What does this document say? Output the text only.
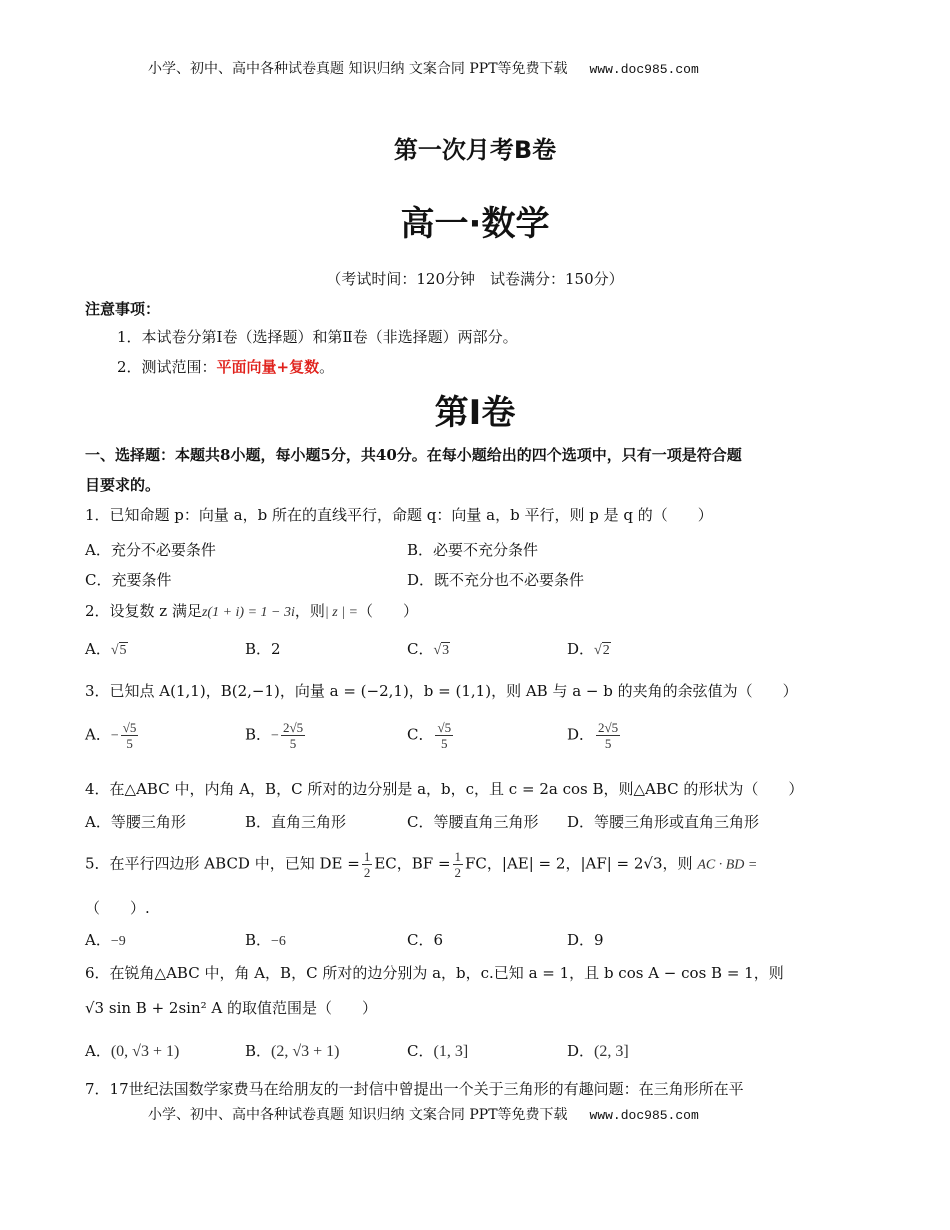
小学、初中、高中各种试卷真题 知识归纳 文案合同 PPT等免费下载 www.doc985.com
第一次月考B卷
高一·数学
（考试时间：120分钟　试卷满分：150分）
注意事项：
1．本试卷分第Ⅰ卷（选择题）和第Ⅱ卷（非选择题）两部分。
2．测试范围：平面向量+复数。
第Ⅰ卷
一、选择题：本题共8小题，每小题5分，共40分。在每小题给出的四个选项中，只有一项是符合题
目要求的。
1．已知命题 p：向量 a，b 所在的直线平行，命题 q：向量 a，b 平行，则 p 是 q 的（　　）
A．充分不必要条件	B．必要不充分条件
C．充要条件	D．既不充分也不必要条件
2．设复数 z 满足z(1 + i) = 1 − 3i，则| z | =（　　）
A．√5	B．2	C．√3	D．√2
3．已知点 A(1,1)，B(2,−1)，向量 a = (−2,1)，b = (1,1)，则 AB 与 a − b 的夹角的余弦值为（　　）
A．− $\frac{√5}{5}$	B．− $\frac{2√5}{5}$	C． $\frac{√5}{5}$	D． $\frac{2√5}{5}$
4．在△ABC 中，内角 A，B，C 所对的边分别是 a，b，c，且 c = 2a cos B，则△ABC 的形状为（　　）
A．等腰三角形	B．直角三角形	C．等腰直角三角形 D．等腰三角形或直角三角形
5．在平行四边形 ABCD 中，已知 DE = $\frac{1}{2}$ EC，BF = $\frac{1}{2}$ FC，|AE| = 2，|AF| = 2√3，则 AC · BD =
（　　）.
A．−9	B．−6	C．6	D．9
6．在锐角△ABC 中，角 A，B，C 所对的边分别为 a，b，c.已知 a = 1，且 b cos A − cos B = 1，则
√3 sin B + 2sin² A 的取值范围是（　　）
A．(0, √3 + 1)	B．(2, √3 + 1)	C．(1, 3]	D．(2, 3]
7．17世纪法国数学家费马在给朋友的一封信中曾提出一个关于三角形的有趣问题：在三角形所在平
小学、初中、高中各种试卷真题 知识归纳 文案合同 PPT等免费下载 www.doc985.com
